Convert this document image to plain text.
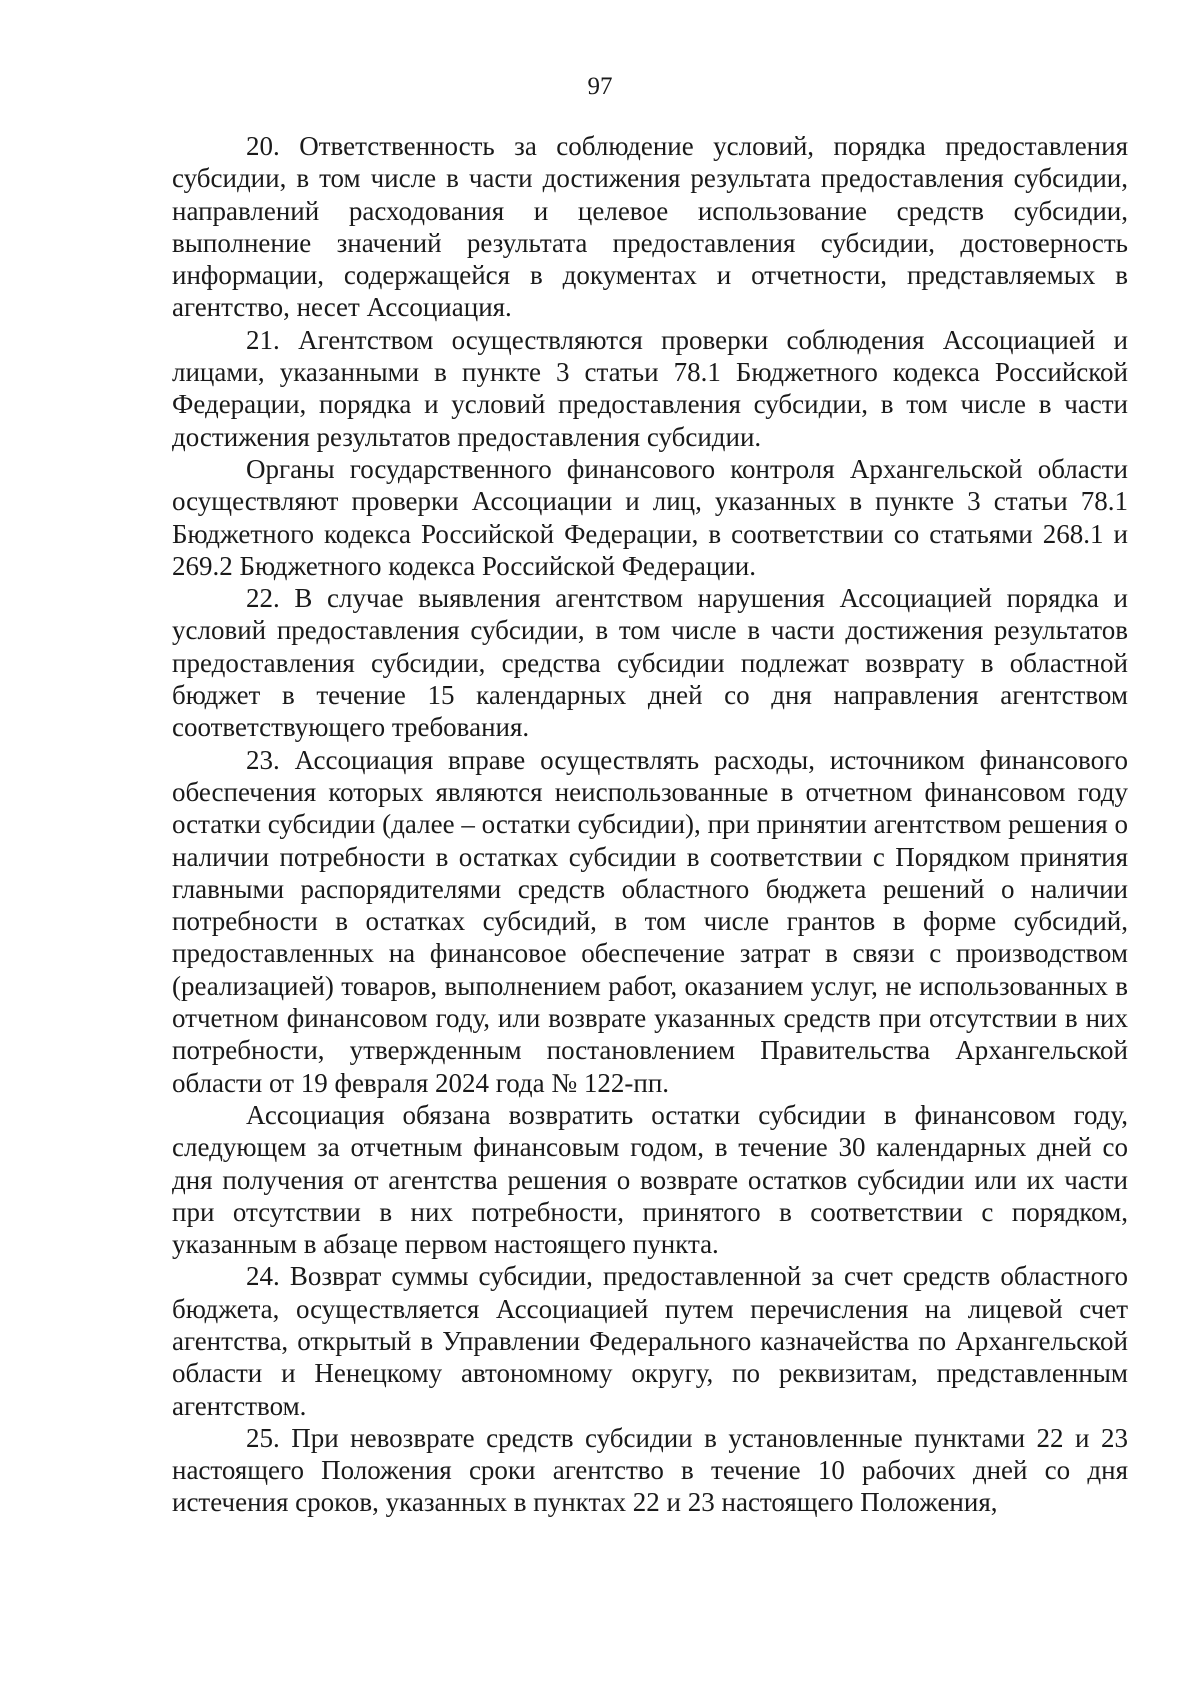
97

20. Ответственность за соблюдение условий, порядка предоставления субсидии, в том числе в части достижения результата предоставления субсидии, направлений расходования и целевое использование средств субсидии, выполнение значений результата предоставления субсидии, достоверность информации, содержащейся в документах и отчетности, представляемых в агентство, несет Ассоциация.

21. Агентством осуществляются проверки соблюдения Ассоциацией и лицами, указанными в пункте 3 статьи 78.1 Бюджетного кодекса Российской Федерации, порядка и условий предоставления субсидии, в том числе в части достижения результатов предоставления субсидии.

Органы государственного финансового контроля Архангельской области осуществляют проверки Ассоциации и лиц, указанных в пункте 3 статьи 78.1 Бюджетного кодекса Российской Федерации, в соответствии со статьями 268.1 и 269.2 Бюджетного кодекса Российской Федерации.

22. В случае выявления агентством нарушения Ассоциацией порядка и условий предоставления субсидии, в том числе в части достижения результатов предоставления субсидии, средства субсидии подлежат возврату в областной бюджет в течение 15 календарных дней со дня направления агентством соответствующего требования.

23. Ассоциация вправе осуществлять расходы, источником финансового обеспечения которых являются неиспользованные в отчетном финансовом году остатки субсидии (далее – остатки субсидии), при принятии агентством решения о наличии потребности в остатках субсидии в соответствии с Порядком принятия главными распорядителями средств областного бюджета решений о наличии потребности в остатках субсидий, в том числе грантов в форме субсидий, предоставленных на финансовое обеспечение затрат в связи с производством (реализацией) товаров, выполнением работ, оказанием услуг, не использованных в отчетном финансовом году, или возврате указанных средств при отсутствии в них потребности, утвержденным постановлением Правительства Архангельской области от 19 февраля 2024 года № 122-пп.

Ассоциация обязана возвратить остатки субсидии в финансовом году, следующем за отчетным финансовым годом, в течение 30 календарных дней со дня получения от агентства решения о возврате остатков субсидии или их части при отсутствии в них потребности, принятого в соответствии с порядком, указанным в абзаце первом настоящего пункта.

24. Возврат суммы субсидии, предоставленной за счет средств областного бюджета, осуществляется Ассоциацией путем перечисления на лицевой счет агентства, открытый в Управлении Федерального казначейства по Архангельской области и Ненецкому автономному округу, по реквизитам, представленным агентством.

25. При невозврате средств субсидии в установленные пунктами 22 и 23 настоящего Положения сроки агентство в течение 10 рабочих дней со дня истечения сроков, указанных в пунктах 22 и 23 настоящего Положения,
